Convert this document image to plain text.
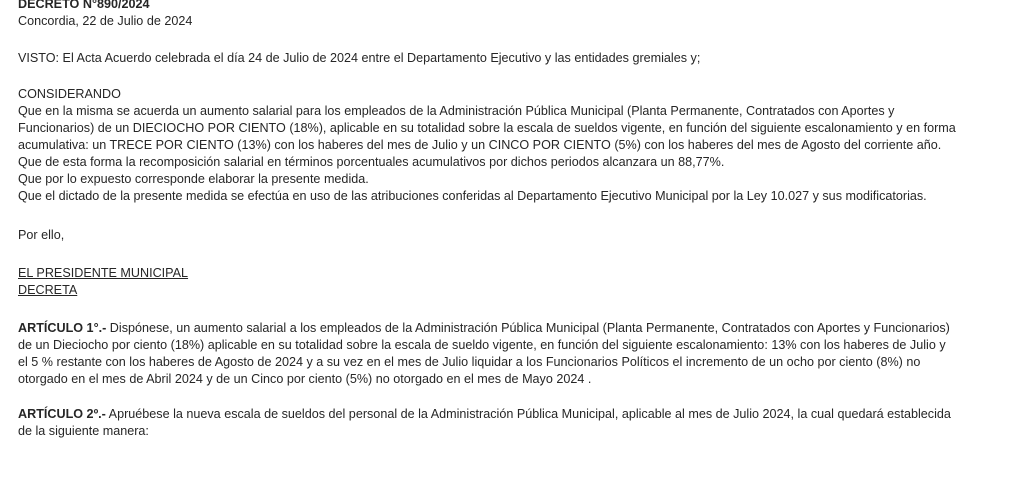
DECRETO N°890/2024
Concordia, 22 de Julio de 2024
VISTO: El Acta Acuerdo celebrada el día 24 de Julio de 2024 entre el Departamento Ejecutivo y las entidades gremiales y;
CONSIDERANDO
Que en la misma se acuerda un aumento salarial para los empleados de la Administración Pública Municipal (Planta Permanente, Contratados con Aportes y
Funcionarios) de un DIECIOCHO POR CIENTO (18%), aplicable en su totalidad sobre la escala de sueldos vigente, en función del siguiente escalonamiento y en forma
acumulativa: un TRECE POR CIENTO (13%) con los haberes del mes de Julio y un CINCO POR CIENTO (5%) con los haberes del mes de Agosto del corriente año.
Que de esta forma la recomposición salarial en términos porcentuales acumulativos por dichos periodos alcanzara un 88,77%.
Que por lo expuesto corresponde elaborar la presente medida.
Que el dictado de la presente medida se efectúa en uso de las atribuciones conferidas al Departamento Ejecutivo Municipal por la Ley 10.027 y sus modificatorias.
Por ello,
EL PRESIDENTE MUNICIPAL
DECRETA
ARTÍCULO 1°.- Dispónese, un aumento salarial a los empleados de la Administración Pública Municipal (Planta Permanente, Contratados con Aportes y Funcionarios)
de un Dieciocho por ciento (18%) aplicable en su totalidad sobre la escala de sueldo vigente, en función del siguiente escalonamiento: 13% con los haberes de Julio y
el 5 % restante con los haberes de Agosto de 2024 y a su vez en el mes de Julio liquidar a los Funcionarios Políticos el incremento de un ocho por ciento (8%) no
otorgado en el mes de Abril 2024 y de un Cinco por ciento (5%) no otorgado en el mes de Mayo 2024 .
ARTÍCULO 2º.- Apruébese la nueva escala de sueldos del personal de la Administración Pública Municipal, aplicable al mes de Julio 2024, la cual quedará establecida
de la siguiente manera:
